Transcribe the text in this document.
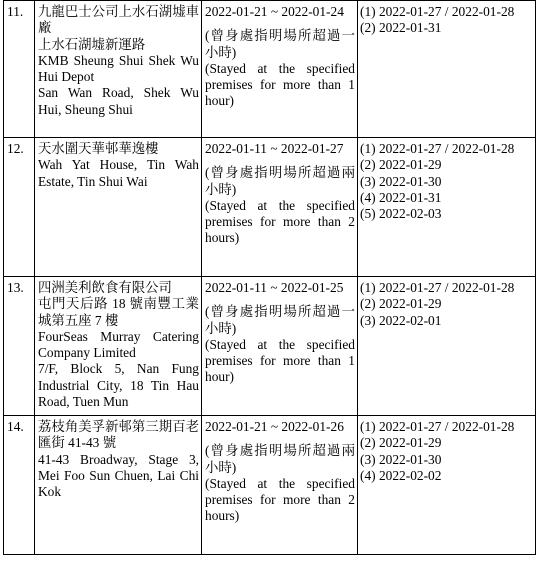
11.	九龍巴士公司上水石湖墟車廠
上水石湖墟新運路
KMB Sheung Shui Shek Wu Hui Depot
San Wan Road, Shek Wu Hui, Sheung Shui	2022-01-21 ~ 2022-01-24
(曾身處指明場所超過一小時)
(Stayed at the specified premises for more than 1 hour)	(1) 2022-01-27 / 2022-01-28
(2) 2022-01-31

12.	天水圍天華邨華逸樓
Wah Yat House, Tin Wah Estate, Tin Shui Wai	2022-01-11 ~ 2022-01-27
(曾身處指明場所超過兩小時)
(Stayed at the specified premises for more than 2 hours)	(1) 2022-01-27 / 2022-01-28
(2) 2022-01-29
(3) 2022-01-30
(4) 2022-01-31
(5) 2022-02-03

13.	四洲美利飲食有限公司
屯門天后路 18 號南豐工業城第五座 7 樓
FourSeas Murray Catering Company Limited
7/F, Block 5, Nan Fung Industrial City, 18 Tin Hau Road, Tuen Mun	2022-01-11 ~ 2022-01-25
(曾身處指明場所超過一小時)
(Stayed at the specified premises for more than 1 hour)	(1) 2022-01-27 / 2022-01-28
(2) 2022-01-29
(3) 2022-02-01

14.	荔枝角美孚新邨第三期百老匯街 41-43 號
41-43 Broadway, Stage 3, Mei Foo Sun Chuen, Lai Chi Kok	2022-01-21 ~ 2022-01-26
(曾身處指明場所超過兩小時)
(Stayed at the specified premises for more than 2 hours)	(1) 2022-01-27 / 2022-01-28
(2) 2022-01-29
(3) 2022-01-30
(4) 2022-02-02
